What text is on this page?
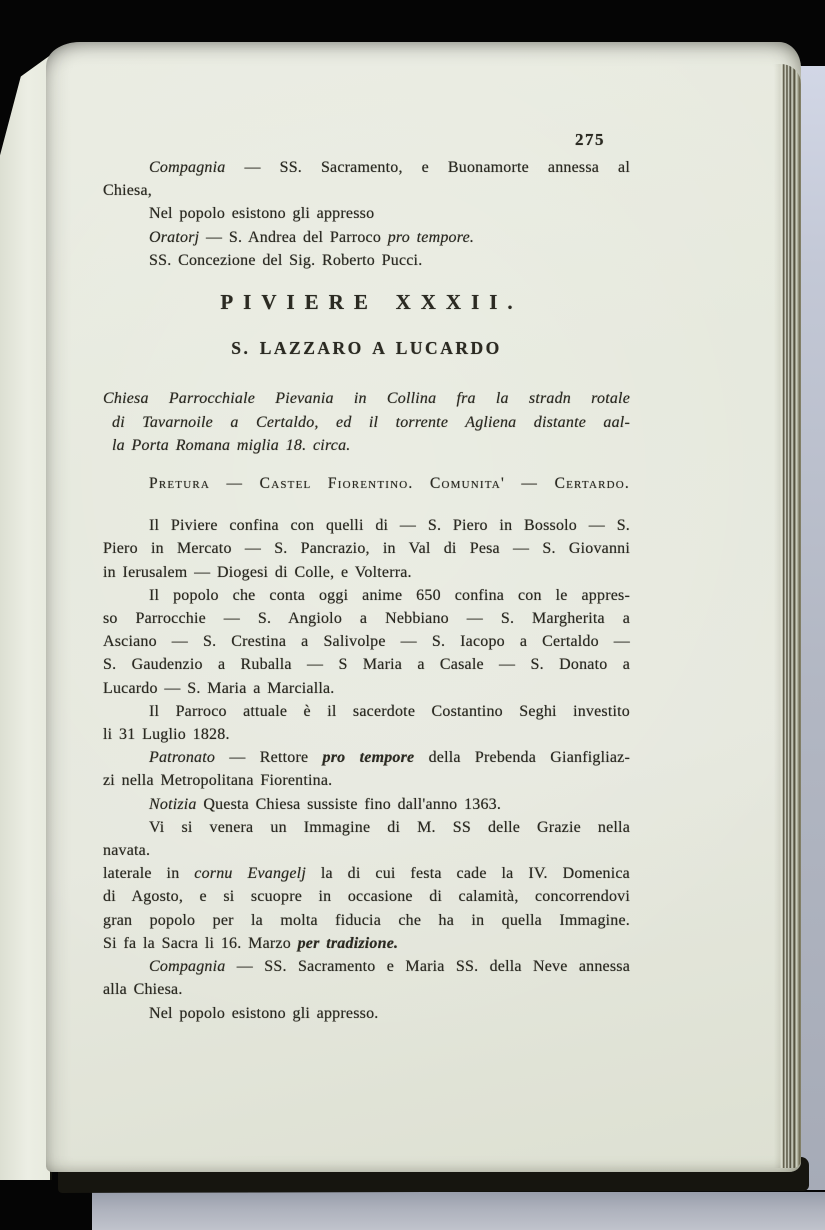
275
Compagnia — SS. Sacramento, e Buonamorte annessa al
Chiesa,
Nel popolo esistono gli appresso
Oratorj — S. Andrea del Parroco pro tempore.
SS. Concezione del Sig. Roberto Pucci.
PIVIERE XXXII.
S. LAZZARO A LUCARDO
Chiesa Parrocchiale Pievania in Collina fra la stradn rotale
di Tavarnoile a Certaldo, ed il torrente Agliena distante aal-
la Porta Romana miglia 18. circa.
Pretura — Castel Fiorentino. Comunita' — Certardo.
Il Piviere confina con quelli di — S. Piero in Bossolo — S.
Piero in Mercato — S. Pancrazio, in Val di Pesa — S. Giovanni
in Ierusalem — Diogesi di Colle, e Volterra.
Il popolo che conta oggi anime 650 confina con le appres-
so Parrocchie — S. Angiolo a Nebbiano — S. Margherita a
Asciano — S. Crestina a Salivolpe — S. Iacopo a Certaldo —
S. Gaudenzio a Ruballa — S Maria a Casale — S. Donato a
Lucardo — S. Maria a Marcialla.
Il Parroco attuale è il sacerdote Costantino Seghi investito
li 31 Luglio 1828.
Patronato — Rettore pro tempore della Prebenda Gianfigliaz-
zi nella Metropolitana Fiorentina.
Notizia Questa Chiesa sussiste fino dall'anno 1363.
Vi si venera un Immagine di M. SS delle Grazie nella
navata.
laterale in cornu Evangelj la di cui festa cade la IV. Domenica
di Agosto, e si scuopre in occasione di calamità, concorrendovi
gran popolo per la molta fiducia che ha in quella Immagine.
Si fa la Sacra li 16. Marzo per tradizione.
Compagnia — SS. Sacramento e Maria SS. della Neve annessa
alla Chiesa.
Nel popolo esistono gli appresso.
